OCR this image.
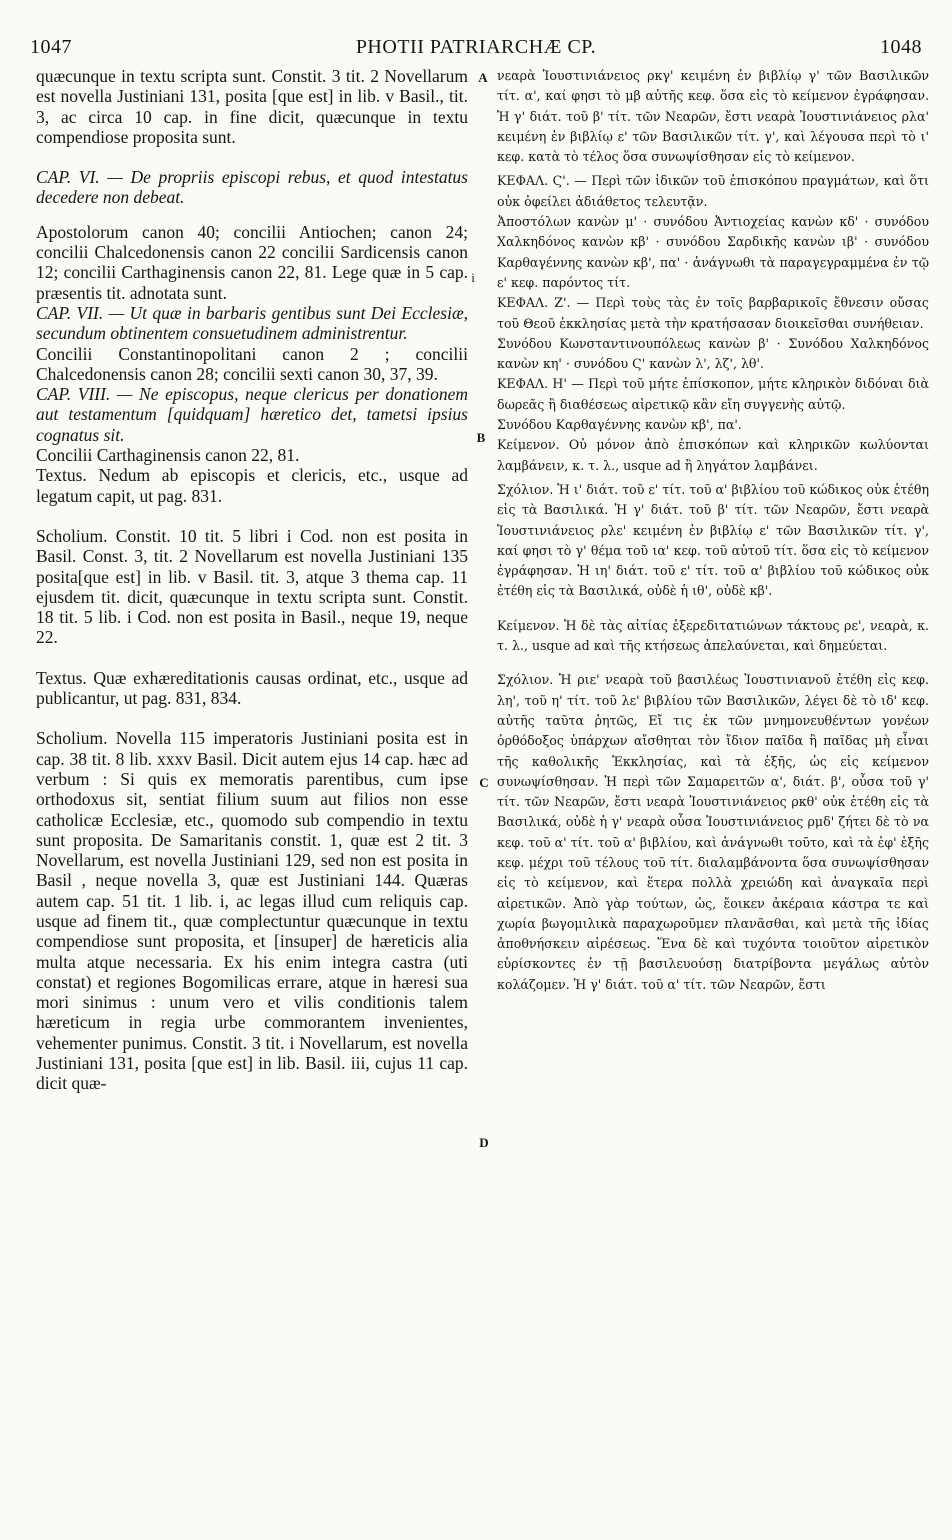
1047	PHOTII PATRIARCHÆ CP.	1048
A
i
B
C
D

quæcunque in textu scripta sunt. Constit. 3 tit. 2 Novellarum est novella Justiniani 131, posita [que est] in lib. v Basil., tit. 3, ac circa 10 cap. in fine dicit, quæcunque in textu compendiose proposita sunt.

CAP. VI. — De propriis episcopi rebus, et quod intestatus decedere non debeat.

Apostolorum canon 40; concilii Antiochen; canon 24; concilii Chalcedonensis canon 22 concilii Sardicensis canon 12; concilii Carthaginensis canon 22, 81. Lege quæ in 5 cap. præsentis tit. adnotata sunt.

CAP. VII. — Ut quæ in barbaris gentibus sunt Dei Ecclesiæ, secundum obtinentem consuetudinem administrentur.

Concilii Constantinopolitani canon 2 ; concilii Chalcedonensis canon 28; concilii sexti canon 30, 37, 39.

CAP. VIII. — Ne episcopus, neque clericus per donationem aut testamentum [quidquam] hæretico det, tametsi ipsius cognatus sit.

Concilii Carthaginensis canon 22, 81.

Textus. Nedum ab episcopis et clericis, etc., usque ad legatum capit, ut pag. 831.

Scholium. Constit. 10 tit. 5 libri i Cod. non est posita in Basil. Const. 3, tit. 2 Novellarum est novella Justiniani 135 posita[que est] in lib. v Basil. tit. 3, atque 3 thema cap. 11 ejusdem tit. dicit, quæcunque in textu scripta sunt. Constit. 18 tit. 5 lib. i Cod. non est posita in Basil., neque 19, neque 22.

Textus. Quæ exhæreditationis causas ordinat, etc., usque ad publicantur, ut pag. 831, 834.

Scholium. Novella 115 imperatoris Justiniani posita est in cap. 38 tit. 8 lib. xxxv Basil. Dicit autem ejus 14 cap. hæc ad verbum : Si quis ex memoratis parentibus, cum ipse orthodoxus sit, sentiat filium suum aut filios non esse catholicæ Ecclesiæ, etc., quomodo sub compendio in textu sunt proposita. De Samaritanis constit. 1, quæ est 2 tit. 3 Novellarum, est novella Justiniani 129, sed non est posita in Basil , neque novella 3, quæ est Justiniani 144. Quæras autem cap. 51 tit. 1 lib. i, ac legas illud cum reliquis cap. usque ad finem tit., quæ complectuntur quæcunque in textu compendiose sunt proposita, et [insuper] de hæreticis alia multa atque necessaria. Ex his enim integra castra (uti constat) et regiones Bogomilicas errare, atque in hæresi sua mori sinimus : unum vero et vilis conditionis talem hæreticum in regia urbe commorantem invenientes, vehementer punimus. Constit. 3 tit. i Novellarum, est novella Justiniani 131, posita [que est] in lib. Basil. iii, cujus 11 cap. dicit quæ-

νεαρὰ Ἰουστινιάνειος ρκγ' κειμένη ἐν βιβλίῳ γ' τῶν Βασιλικῶν τίτ. α', καί φησι τὸ μβ αὐτῆς κεφ. ὅσα εἰς τὸ κείμενον ἐγράφησαν. Ἡ γ' διάτ. τοῦ β' τίτ. τῶν Νεαρῶν, ἔστι νεαρὰ Ἰουστινιάνειος ρλα' κειμένη ἐν βιβλίῳ ε' τῶν Βασιλικῶν τίτ. γ', καὶ λέγουσα περὶ τὸ ι' κεφ. κατὰ τὸ τέλος ὅσα συνωψίσθησαν εἰς τὸ κείμενον.

ΚΕΦΑΛ. Ϛ'. — Περὶ τῶν ἰδικῶν τοῦ ἐπισκόπου πραγμάτων, καὶ ὅτι οὐκ ὀφείλει ἀδιάθετος τελευτᾷν.

Ἀποστόλων κανὼν μ' · συνόδου Ἀντιοχείας κανὼν κδ' · συνόδου Χαλκηδόνος κανὼν κβ' · συνόδου Σαρδικῆς κανὼν ιβ' · συνόδου Καρθαγέννης κανὼν κβ', πα' · ἀνάγνωθι τὰ παραγεγραμμένα ἐν τῷ ε' κεφ. παρόντος τίτ.

ΚΕΦΑΛ. Ζ'. — Περὶ τοὺς τὰς ἐν τοῖς βαρβαρικοῖς ἔθνεσιν οὔσας τοῦ Θεοῦ ἐκκλησίας μετὰ τὴν κρατήσασαν διοικεῖσθαι συνήθειαν.

Συνόδου Κωνσταντινουπόλεως κανὼν β' · Συνόδου Χαλκηδόνος κανὼν κη' · συνόδου Ϛ' κανὼν λ', λζ', λθ'.

ΚΕΦΑΛ. Η' — Περὶ τοῦ μήτε ἐπίσκοπον, μήτε κληρικὸν διδόναι διὰ δωρεᾶς ἢ διαθέσεως αἱρετικῷ κἂν εἴη συγγενὴς αὐτῷ.

Συνόδου Καρθαγέννης κανὼν κβ', πα'.

Κείμενον. Οὐ μόνον ἀπὸ ἐπισκόπων καὶ κληρικῶν κωλύονται λαμβάνειν, κ. τ. λ., usque ad ἢ ληγάτον λαμβάνει.

Σχόλιον. Ἡ ι' διάτ. τοῦ ε' τίτ. τοῦ α' βιβλίου τοῦ κώδικος οὐκ ἐτέθη εἰς τὰ Βασιλικά. Ἡ γ' διάτ. τοῦ β' τίτ. τῶν Νεαρῶν, ἔστι νεαρὰ Ἰουστινιάνειος ρλε' κειμένη ἐν βιβλίῳ ε' τῶν Βασιλικῶν τίτ. γ', καί φησι τὸ γ' θέμα τοῦ ια' κεφ. τοῦ αὐτοῦ τίτ. ὅσα εἰς τὸ κείμενον ἐγράφησαν. Ἡ ιη' διάτ. τοῦ ε' τίτ. τοῦ α' βιβλίου τοῦ κώδικος οὐκ ἐτέθη εἰς τὰ Βασιλικά, οὐδὲ ἡ ιθ', οὐδὲ κβ'.

Κείμενον. Ἡ δὲ τὰς αἰτίας ἐξερεδιτατιώνων τάκτους ρε', νεαρὰ, κ. τ. λ., usque ad καὶ τῆς κτήσεως ἀπελαύνεται, καὶ δημεύεται.

Σχόλιον. Ἡ ριε' νεαρὰ τοῦ βασιλέως Ἰουστινιανοῦ ἐτέθη εἰς κεφ. λη', τοῦ η' τίτ. τοῦ λε' βιβλίου τῶν Βασιλικῶν, λέγει δὲ τὸ ιδ' κεφ. αὐτῆς ταῦτα ῥητῶς, Εἴ τις ἐκ τῶν μνημονευθέντων γονέων ὀρθόδοξος ὑπάρχων αἴσθηται τὸν ἴδιον παῖδα ἢ παῖδας μὴ εἶναι τῆς καθολικῆς Ἐκκλησίας, καὶ τὰ ἑξῆς, ὡς εἰς κείμενον συνωψίσθησαν. Ἡ περὶ τῶν Σαμαρειτῶν α', διάτ. β', οὖσα τοῦ γ' τίτ. τῶν Νεαρῶν, ἔστι νεαρὰ Ἰουστινιάνειος ρκθ' οὐκ ἐτέθη εἰς τὰ Βασιλικά, οὐδὲ ἡ γ' νεαρὰ οὖσα Ἰουστινιάνειος ρμδ' ζήτει δὲ τὸ να κεφ. τοῦ α' τίτ. τοῦ α' βιβλίου, καὶ ἀνάγνωθι τοῦτο, καὶ τὰ ἐφ' ἑξῆς κεφ. μέχρι τοῦ τέλους τοῦ τίτ. διαλαμβάνοντα ὅσα συνωψίσθησαν εἰς τὸ κείμενον, καὶ ἕτερα πολλὰ χρειώδη καὶ ἀναγκαῖα περὶ αἱρετικῶν. Ἀπὸ γὰρ τούτων, ὡς, ἔοικεν ἀκέραια κάστρα τε καὶ χωρία βωγομιλικὰ παραχωροῦμεν πλανᾶσθαι, καὶ μετὰ τῆς ἰδίας ἀποθνήσκειν αἱρέσεως. Ἕνα δὲ καὶ τυχόντα τοιοῦτον αἱρετικὸν εὑρίσκοντες ἐν τῇ βασιλευούσῃ διατρίβοντα μεγάλως αὐτὸν κολάζομεν. Ἡ γ' διάτ. τοῦ α' τίτ. τῶν Νεαρῶν, ἔστι
